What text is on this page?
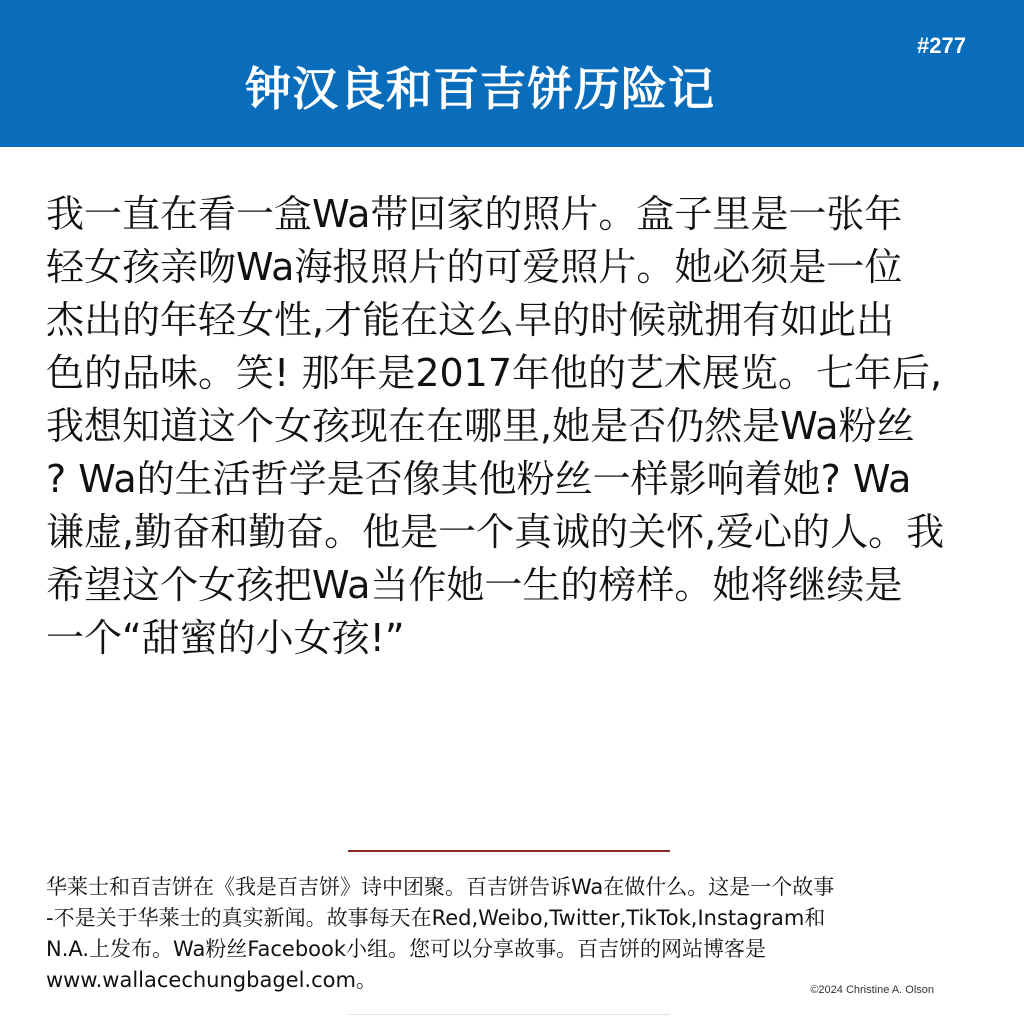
#277
钟汉良和百吉饼历险记
我一直在看一盒Wa带回家的照片。盒子里是一张年
轻女孩亲吻Wa海报照片的可爱照片。她必须是一位
杰出的年轻女性,才能在这么早的时候就拥有如此出
色的品味。笑! 那年是2017年他的艺术展览。七年后,
我想知道这个女孩现在在哪里,她是否仍然是Wa粉丝
? Wa的生活哲学是否像其他粉丝一样影响着她? Wa
谦虚,勤奋和勤奋。他是一个真诚的关怀,爱心的人。我
希望这个女孩把Wa当作她一生的榜样。她将继续是
一个“甜蜜的小女孩!”
华莱士和百吉饼在《我是百吉饼》诗中团聚。百吉饼告诉Wa在做什么。这是一个故事
-不是关于华莱士的真实新闻。故事每天在Red,Weibo,Twitter,TikTok,Instagram和
N.A.上发布。Wa粉丝Facebook小组。您可以分享故事。百吉饼的网站博客是
www.wallacechungbagel.com。	©2024 Christine A. Olson
